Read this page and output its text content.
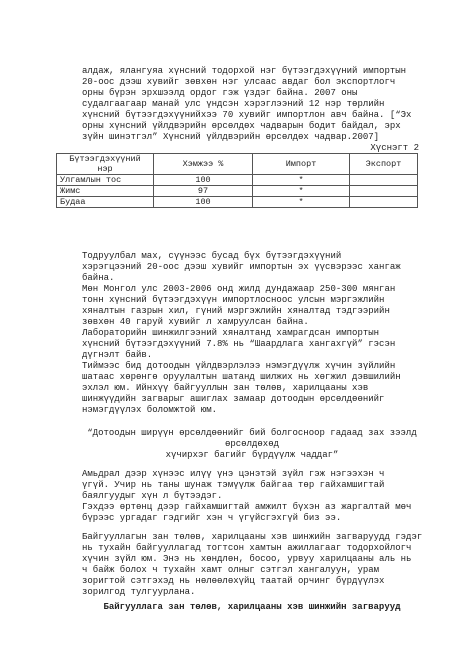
алдаж, ялангуяа хүнсний тодорхой нэг бүтээгдэхүүний импортын
20-оос дээш хувийг зөвхөн нэг улсаас авдаг бол экспортлогч
орны бүрэн эрхшээлд ордог гэж үздэг байна. 2007 оны
судалгаагаар манай улс үндсэн хэрэглээний 12 нэр төрлийн
хүнсний бүтээгдэхүүнийхээ 70 хувийг импортлон авч байна. [“Эх
орны хүнсний үйлдвэрийн өрсөлдөх чадварын бодит байдал, эрх
зүйн шинэтгэл” Хүнсний үйлдвэрийн өрсөлдөх чадвар.2007]
Хүснэгт 2
Бүтээгдэхүүний нэр	Хэмжээ %	Импорт	Экспорт
Улгамлын тос	100	*	
Жимс	97	*	
Будаа	100	*	
Тодруулбал мах, сүүнээс бусад бүх бүтээгдэхүүний
хэрэгцээний 20-оос дээш хувийг импортын эх үүсвэрээс хангаж
байна.
Мөн Монгол улс 2003-2006 онд жилд дундажаар 250-300 мянган
тонн хүнсний бүтээгдэхүүн импортлосноос улсын мэргэжлийн
хяналтын газрын хил, гүний мэргэжлийн хяналтад тэдгээрийн
зөвхөн 40 гаруй хувийг л хамруулсан байна.
Лабораторийн шинжилгээний хяналтанд хамрагдсан импортын
хүнсний бүтээгдэхүүний 7.8% нь “Шаардлага хангахгүй” гэсэн
дүгнэлт байв.
Тиймээс бид дотоодын үйлдвэрлэлээ нэмэгдүүлж хүчин зүйлийн
шатаас хөрөнгө оруулалтын шатанд шилжих нь хөгжил дэвшилийн
эхлэл юм. Ийнхүү байгууллын зан төлөв, харилцааны хэв
шинжүүдийн загварыг ашиглах замаар дотоодын өрсөлдөөнийг
нэмэгдүүлэх боломжтой юм.
“Дотоодын шиpүүн өрсөлдөөнийг бий болгосноор гадаад зах зээлд
өрсөлдөхөд
хүчирхэг багийг бүрдүүлж чаддаг”
Амьдрал дээр хүнээс илүү үнэ цэнэтэй зүйл гэж нэгээхэн ч
үгүй. Учир нь таны шунаж тэмүүлж байгаа төр гайхамшигтай
баялгуудыг хүн л бүтээдэг.
Гэхдээ өртөнц дээр гайхамшигтай амжилт бүхэн аз жаргалтай мөч
бүрээс ургадаг гэдгийг хэн ч үгүйсгэхгүй биз ээ.
Байгууллагын зан төлөв, харилцааны хэв шинжийн загваруудд гэдэг
нь тухайн байгууллагад тогтсон хамтын ажиллагааг тодорхойлогч
хүчин зүйл юм. Энэ нь хөндлөн, босоо, урвуу харилцааны аль нь
ч байж болох ч тухайн хамт олныг сэтгэл хангалуун, урам
зоригтой сэтгэхэд нь нөлөөлөхүйц таатай орчинг бүрдүүлэх
зорилгод тулгуурлана.
Байгууллага зан төлөв, харилцааны хэв шинжийн загварууд
